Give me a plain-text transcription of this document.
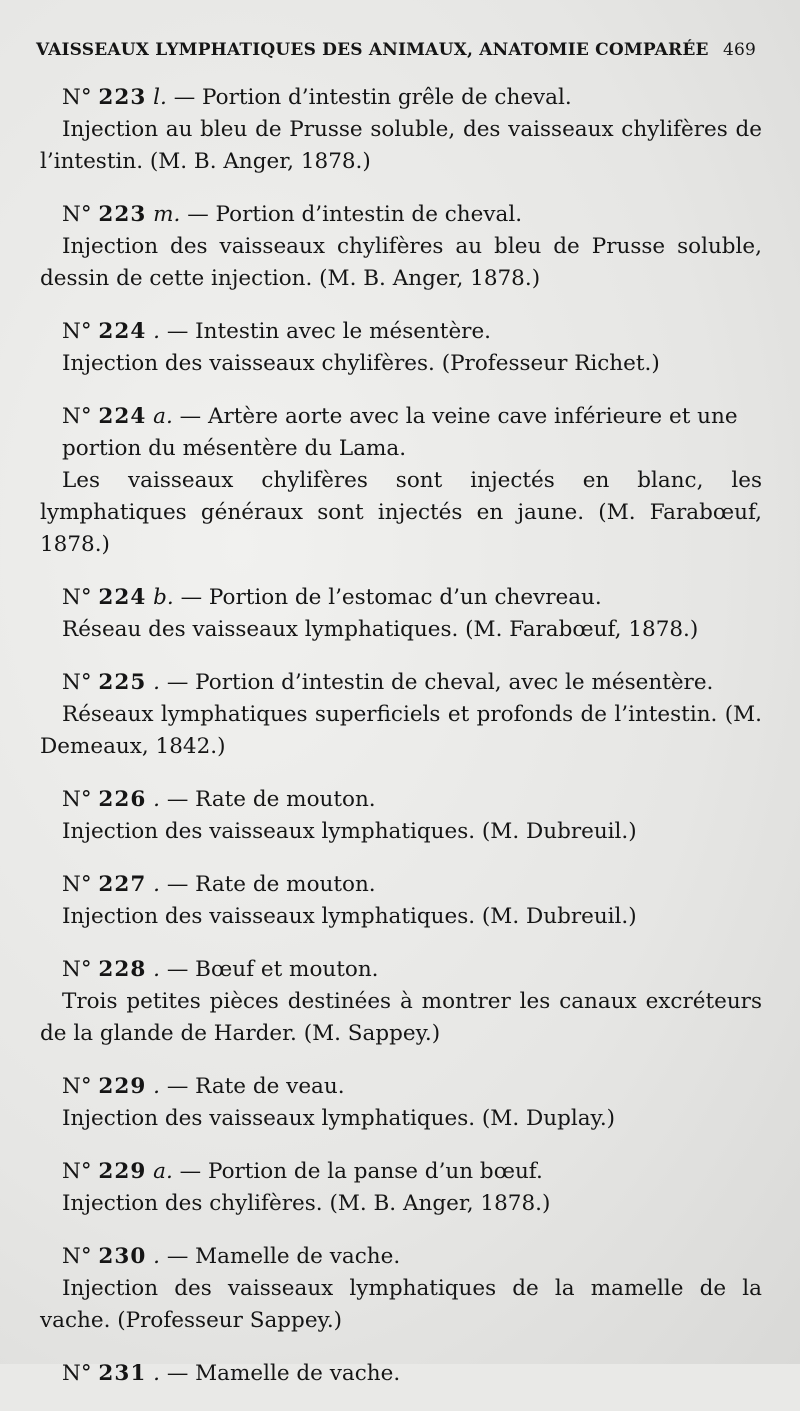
VAISSEAUX LYMPHATIQUES DES ANIMAUX, ANATOMIE COMPARÉE 469
N° 223 l. — Portion d’intestin grêle de cheval.
Injection au bleu de Prusse soluble, des vaisseaux chylifères de l’intestin. (M. B. Anger, 1878.)
N° 223 m. — Portion d’intestin de cheval.
Injection des vaisseaux chylifères au bleu de Prusse soluble, dessin de cette injection. (M. B. Anger, 1878.)
N° 224 . — Intestin avec le mésentère.
Injection des vaisseaux chylifères. (Professeur Richet.)
N° 224 a. — Artère aorte avec la veine cave inférieure et une portion du mésentère du Lama.
Les vaisseaux chylifères sont injectés en blanc, les lymphatiques généraux sont injectés en jaune. (M. Farabœuf, 1878.)
N° 224 b. — Portion de l’estomac d’un chevreau.
Réseau des vaisseaux lymphatiques. (M. Farabœuf, 1878.)
N° 225 . — Portion d’intestin de cheval, avec le mésentère.
Réseaux lymphatiques superficiels et profonds de l’intestin. (M. Demeaux, 1842.)
N° 226 . — Rate de mouton.
Injection des vaisseaux lymphatiques. (M. Dubreuil.)
N° 227 . — Rate de mouton.
Injection des vaisseaux lymphatiques. (M. Dubreuil.)
N° 228 . — Bœuf et mouton.
Trois petites pièces destinées à montrer les canaux excréteurs de la glande de Harder. (M. Sappey.)
N° 229 . — Rate de veau.
Injection des vaisseaux lymphatiques. (M. Duplay.)
N° 229 a. — Portion de la panse d’un bœuf.
Injection des chylifères. (M. B. Anger, 1878.)
N° 230 . — Mamelle de vache.
Injection des vaisseaux lymphatiques de la mamelle de la vache. (Professeur Sappey.)
N° 231 . — Mamelle de vache.
